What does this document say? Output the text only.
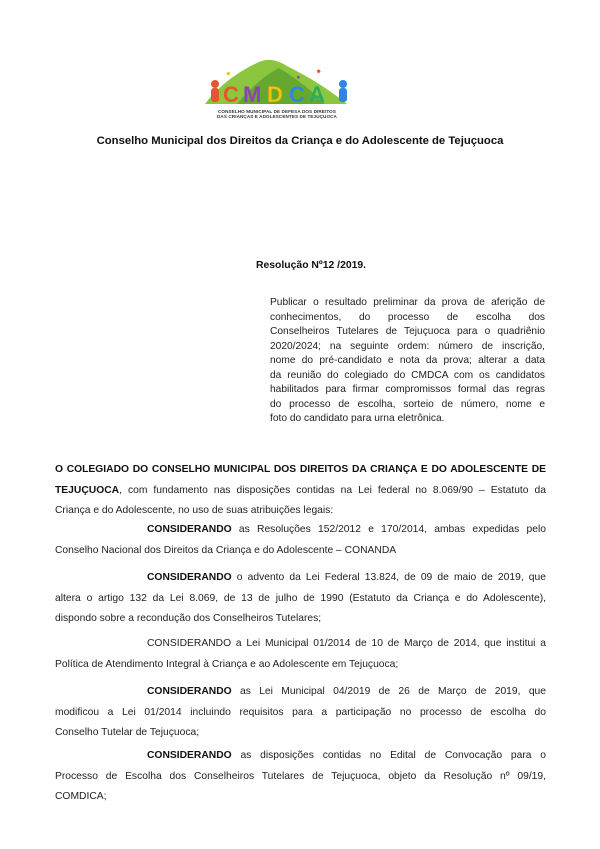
C M D C A
CONSELHO MUNICIPAL DE DEFESA DOS DIREITOS
DAS CRIANÇAS E ADOLESCENTES DE TEJUÇUOCA
Conselho Municipal dos Direitos da Criança e do Adolescente de Tejuçuoca
Resolução Nº12 /2019.
Publicar o resultado preliminar da prova de aferição de
conhecimentos, do processo de escolha dos
Conselheiros Tutelares de Tejuçuoca para o quadriênio
2020/2024; na seguinte ordem: número de inscrição,
nome do pré-candidato e nota da prova; alterar a data
da reunião do colegiado do CMDCA com os candidatos
habilitados para firmar compromissos formal das regras
do processo de escolha, sorteio de número, nome e
foto do candidato para urna eletrônica.
O COLEGIADO DO CONSELHO MUNICIPAL DOS DIREITOS DA CRIANÇA E DO ADOLESCENTE DE
TEJUÇUOCA, com fundamento nas disposições contidas na Lei federal no 8.069/90 – Estatuto da
Criança e do Adolescente, no uso de suas atribuições legais:
CONSIDERANDO as Resoluções 152/2012 e 170/2014, ambas expedidas pelo
Conselho Nacional dos Direitos da Criança e do Adolescente – CONANDA
CONSIDERANDO o advento da Lei Federal 13.824, de 09 de maio de 2019, que
altera o artigo 132 da Lei 8.069, de 13 de julho de 1990 (Estatuto da Criança e do Adolescente),
dispondo sobre a recondução dos Conselheiros Tutelares;
CONSIDERANDO a Lei Municipal 01/2014 de 10 de Março de 2014, que institui a
Política de Atendimento Integral à Criança e ao Adolescente em Tejuçuoca;
CONSIDERANDO as Lei Municipal 04/2019 de 26 de Março de 2019, que
modificou a Lei 01/2014 incluindo requisitos para a participação no processo de escolha do
Conselho Tutelar de Tejuçuoca;
CONSIDERANDO as disposições contidas no Edital de Convocação para o
Processo de Escolha dos Conselheiros Tutelares de Tejuçuoca, objeto da Resolução nº 09/19,
COMDICA;
